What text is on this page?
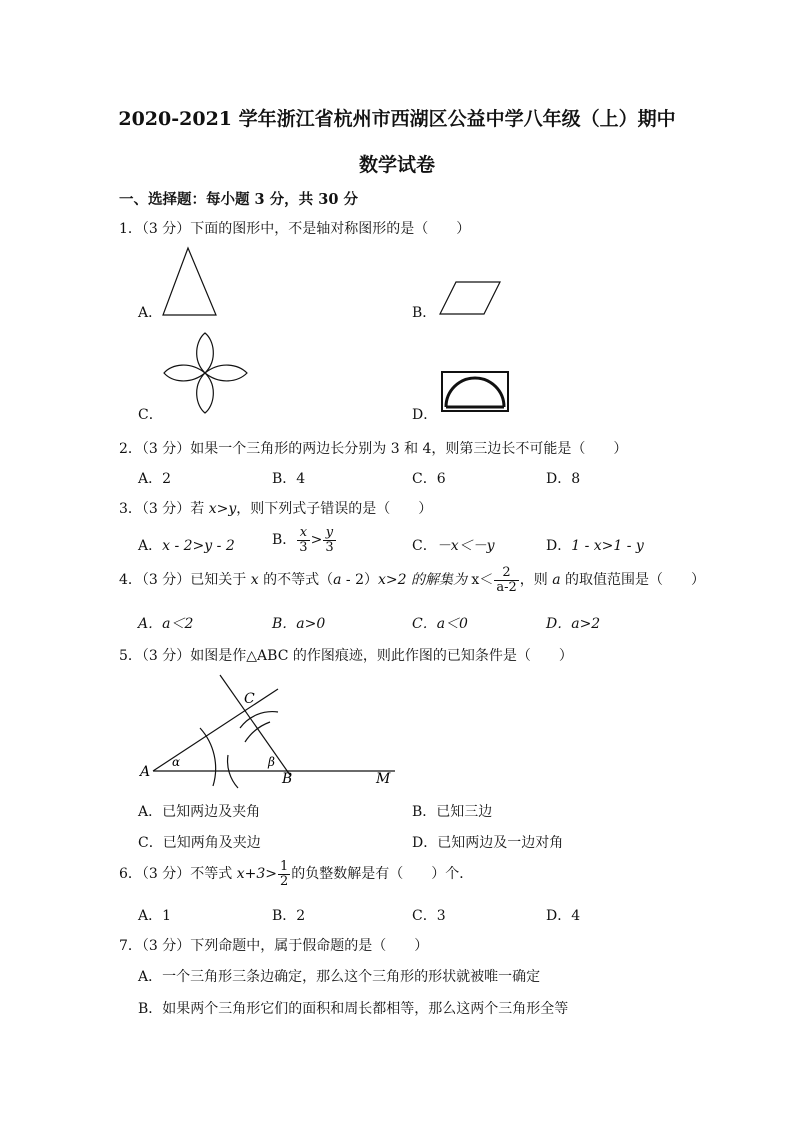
2020-2021 学年浙江省杭州市西湖区公益中学八年级（上）期中
数学试卷
一、选择题：每小题 3 分，共 30 分
1．（3 分）下面的图形中，不是轴对称图形的是（　　）
A．	B．
C．	D．
2．（3 分）如果一个三角形的两边长分别为 3 和 4，则第三边长不可能是（　　）
A．2	B．4	C．6	D．8
3．（3 分）若 x>y，则下列式子错误的是（　　）
A．x - 2>y - 2	B． $\frac{x}{3} > \frac{y}{3}$	C．－x＜－y	D．1 - x>1 - y
4．（3 分）已知关于 x 的不等式（a - 2）x>2 的解集为 $x< \frac{2}{a-2}$ ，则 a 的取值范围是（　　）
A．a＜2	B．a>0	C．a＜0	D．a>2
5．（3 分）如图是作△ABC 的作图痕迹，则此作图的已知条件是（　　）
A	B
C
M
α	β
A．已知两边及夹角	B．已知三边
C．已知两角及夹边	D．已知两边及一边对角
6．（3 分）不等式 $x+3> \frac{1}{2}$ 的负整数解是有（　　）个．
A．1	B．2	C．3	D．4
7．（3 分）下列命题中，属于假命题的是（　　）
A．一个三角形三条边确定，那么这个三角形的形状就被唯一确定
B．如果两个三角形它们的面积和周长都相等，那么这两个三角形全等
